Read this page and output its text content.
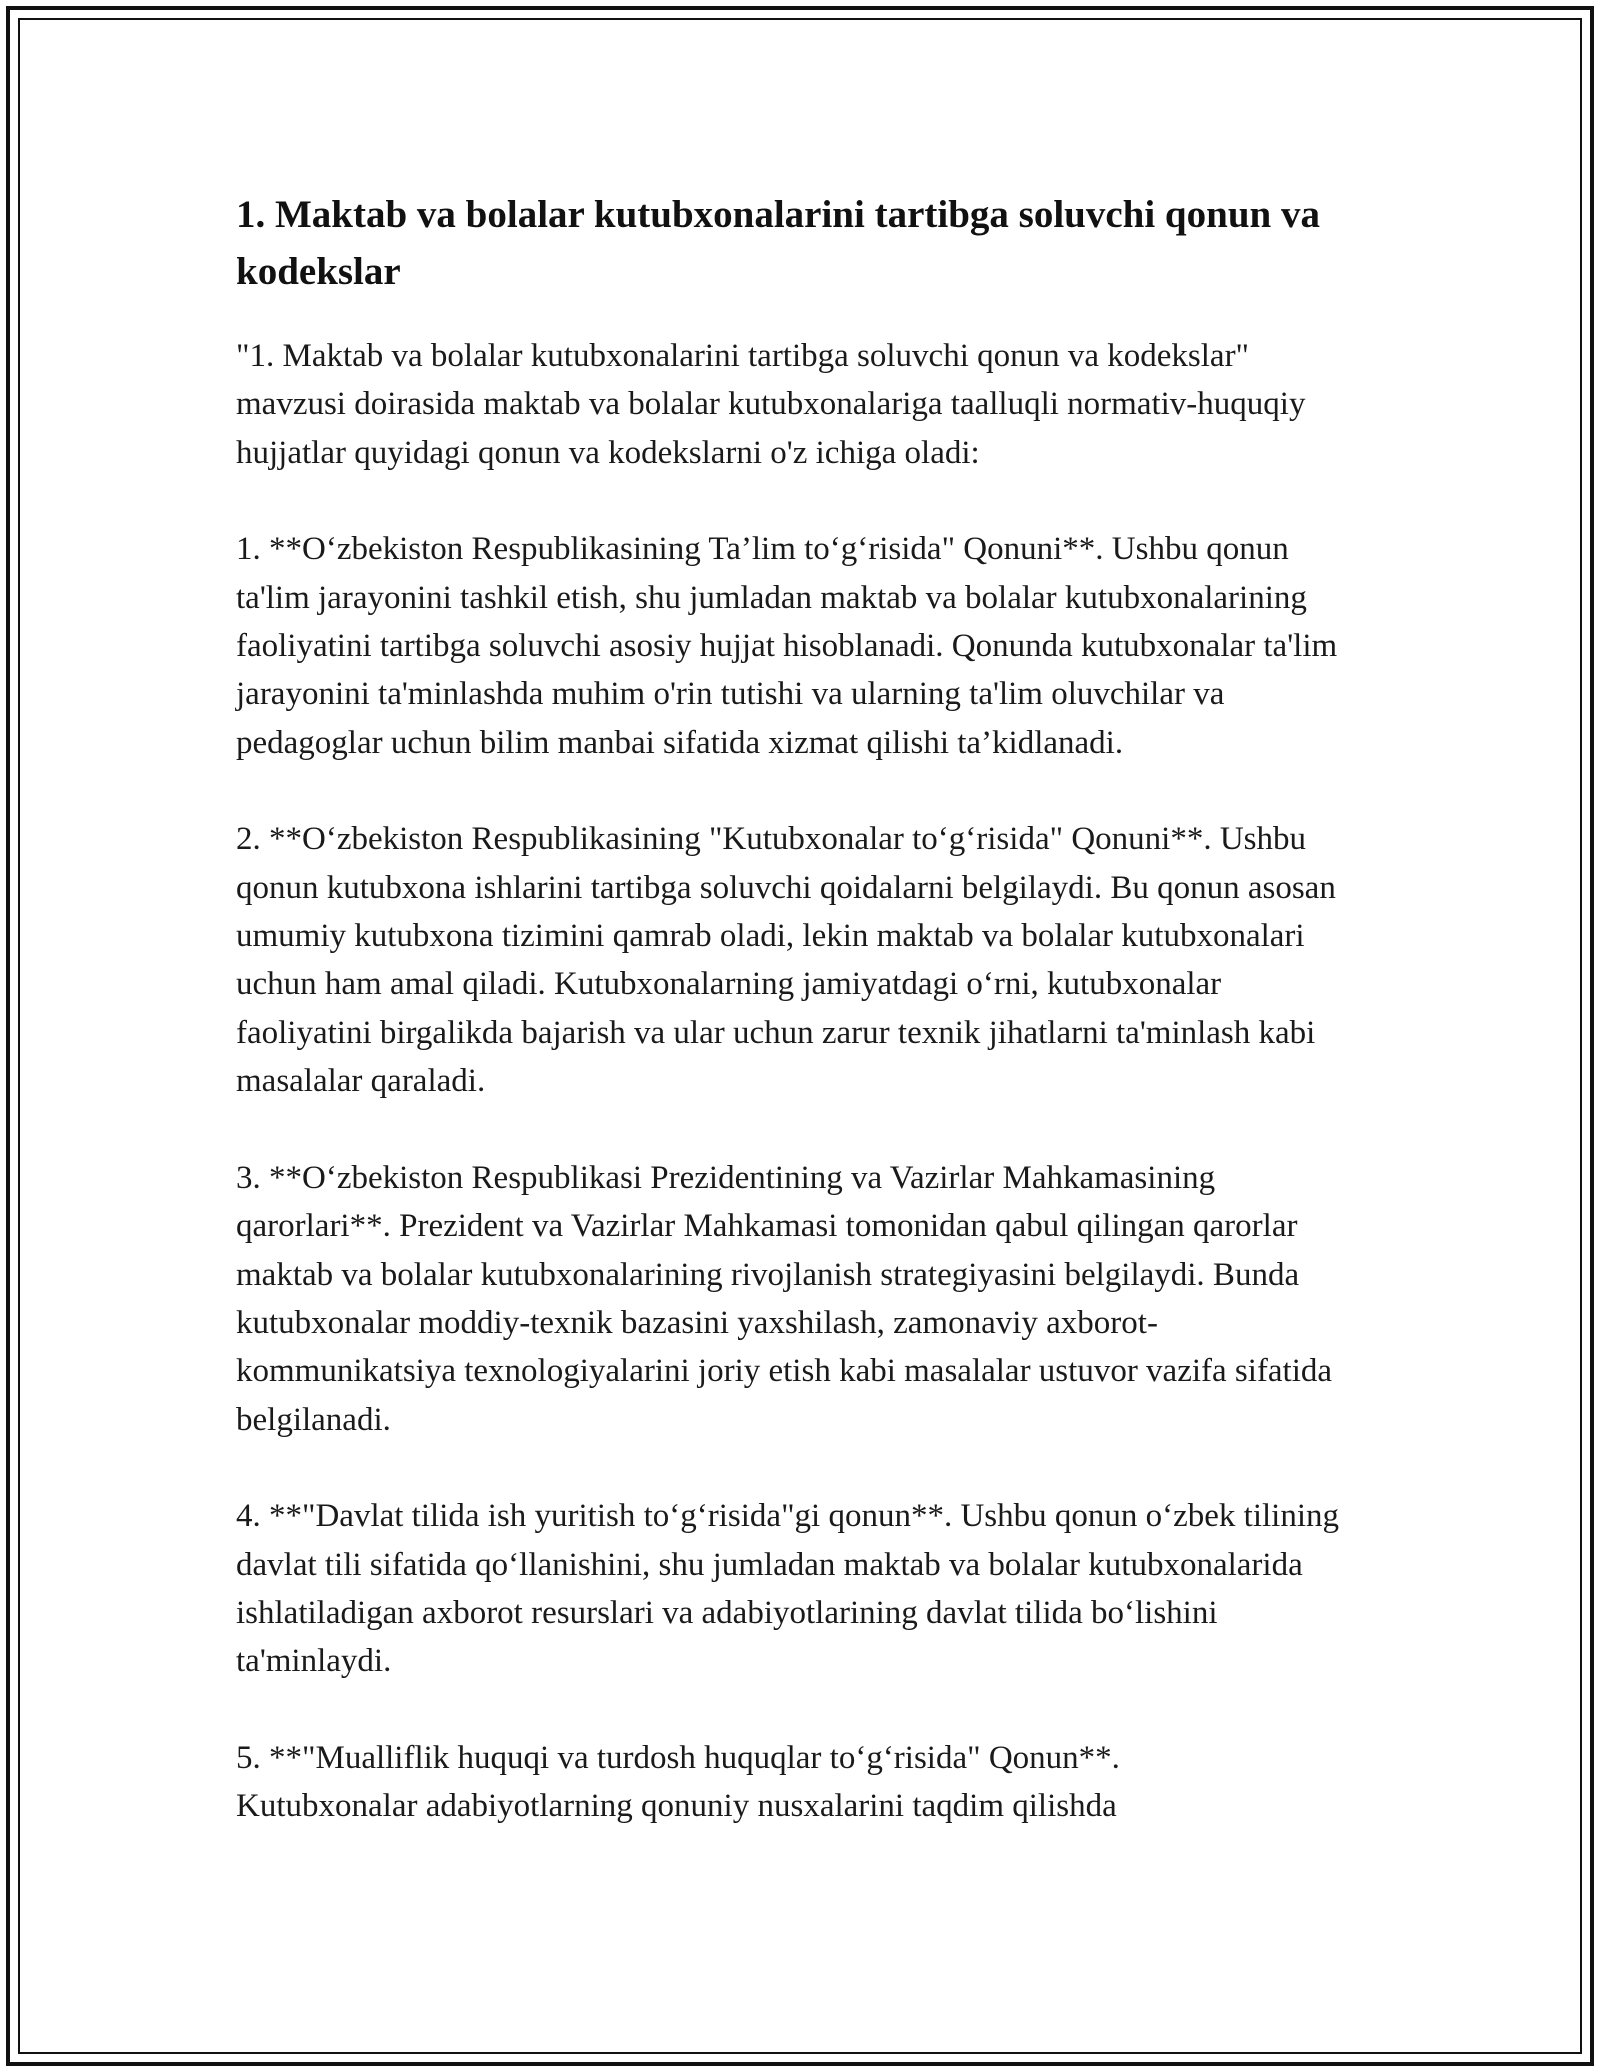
1. Maktab va bolalar kutubxonalarini tartibga soluvchi qonun va kodekslar

"1. Maktab va bolalar kutubxonalarini tartibga soluvchi qonun va kodekslar" mavzusi doirasida maktab va bolalar kutubxonalariga taalluqli normativ-huquqiy hujjatlar quyidagi qonun va kodekslarni o'z ichiga oladi:

1. **O‘zbekiston Respublikasining Ta’lim to‘g‘risida" Qonuni**. Ushbu qonun ta'lim jarayonini tashkil etish, shu jumladan maktab va bolalar kutubxonalarining faoliyatini tartibga soluvchi asosiy hujjat hisoblanadi. Qonunda kutubxonalar ta'lim jarayonini ta'minlashda muhim o'rin tutishi va ularning ta'lim oluvchilar va pedagoglar uchun bilim manbai sifatida xizmat qilishi ta’kidlanadi.

2. **O‘zbekiston Respublikasining "Kutubxonalar to‘g‘risida" Qonuni**. Ushbu qonun kutubxona ishlarini tartibga soluvchi qoidalarni belgilaydi. Bu qonun asosan umumiy kutubxona tizimini qamrab oladi, lekin maktab va bolalar kutubxonalari uchun ham amal qiladi. Kutubxonalarning jamiyatdagi o‘rni, kutubxonalar faoliyatini birgalikda bajarish va ular uchun zarur texnik jihatlarni ta'minlash kabi masalalar qaraladi.

3. **O‘zbekiston Respublikasi Prezidentining va Vazirlar Mahkamasining qarorlari**. Prezident va Vazirlar Mahkamasi tomonidan qabul qilingan qarorlar maktab va bolalar kutubxonalarining rivojlanish strategiyasini belgilaydi. Bunda kutubxonalar moddiy-texnik bazasini yaxshilash, zamonaviy axborot-kommunikatsiya texnologiyalarini joriy etish kabi masalalar ustuvor vazifa sifatida belgilanadi.

4. **"Davlat tilida ish yuritish to‘g‘risida"gi qonun**. Ushbu qonun o‘zbek tilining davlat tili sifatida qo‘llanishini, shu jumladan maktab va bolalar kutubxonalarida ishlatiladigan axborot resurslari va adabiyotlarining davlat tilida bo‘lishini ta'minlaydi.

5. **"Mualliflik huquqi va turdosh huquqlar to‘g‘risida" Qonun**.
Kutubxonalar adabiyotlarning qonuniy nusxalarini taqdim qilishda
